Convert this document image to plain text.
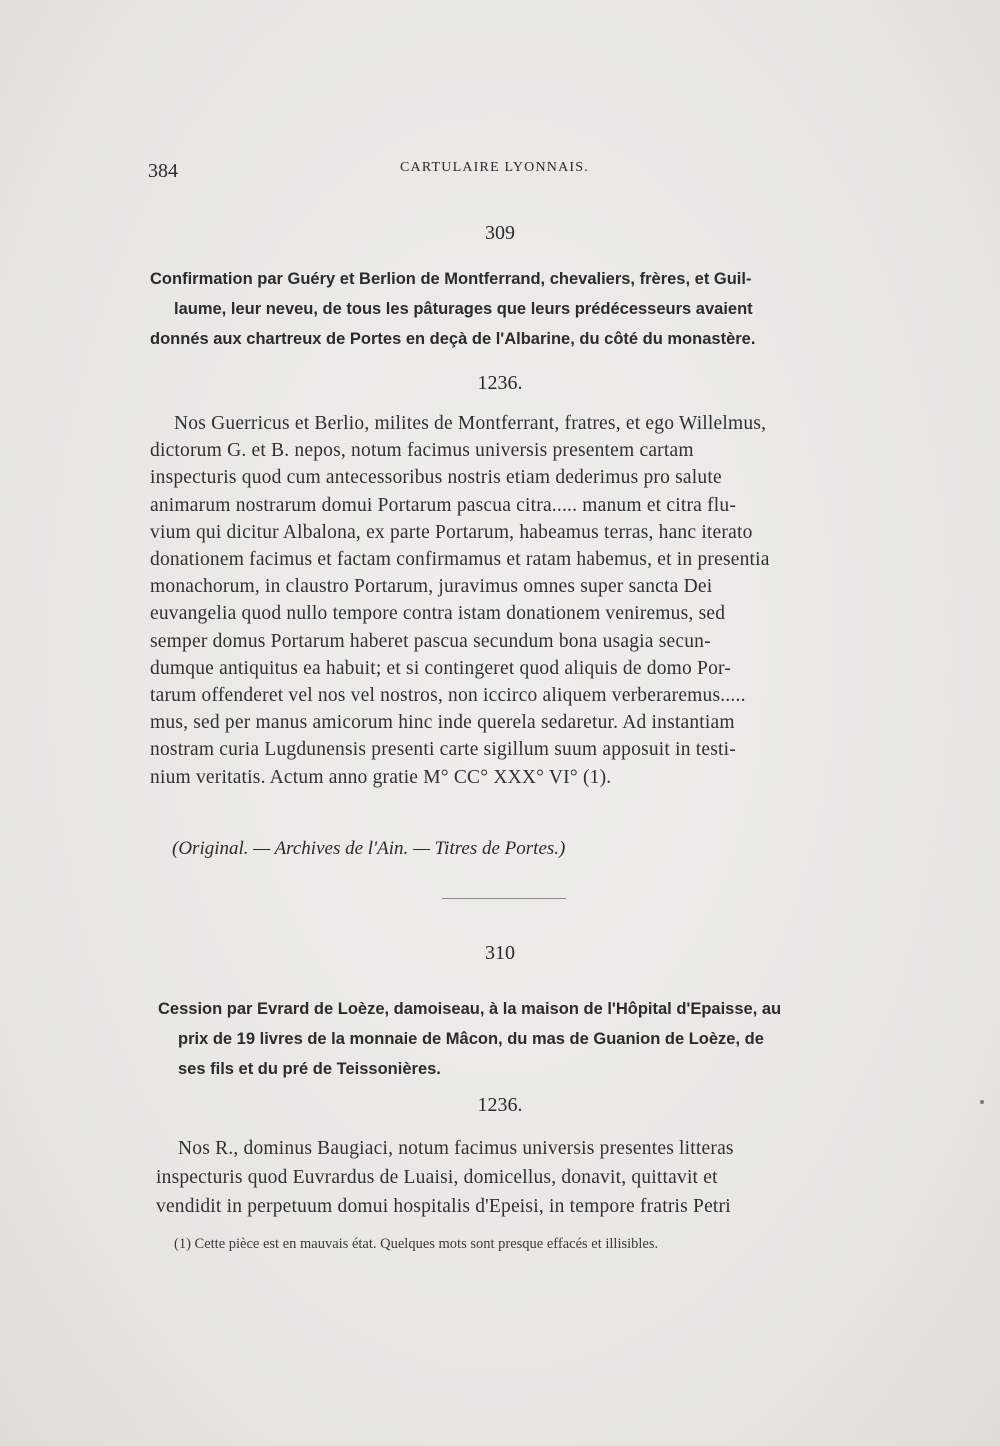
384	CARTULAIRE LYONNAIS.
309
Confirmation par Guéry et Berlion de Montferrand, chevaliers, frères, et Guil-
laume, leur neveu, de tous les pâturages que leurs prédécesseurs avaient
donnés aux chartreux de Portes en deçà de l'Albarine, du côté du monastère.
1236.
Nos Guerricus et Berlio, milites de Montferrant, fratres, et ego Willelmus,
dictorum G. et B. nepos, notum facimus universis presentem cartam
inspecturis quod cum antecessoribus nostris etiam dederimus pro salute
animarum nostrarum domui Portarum pascua citra..... manum et citra flu-
vium qui dicitur Albalona, ex parte Portarum, habeamus terras, hanc iterato
donationem facimus et factam confirmamus et ratam habemus, et in presentia
monachorum, in claustro Portarum, juravimus omnes super sancta Dei
euvangelia quod nullo tempore contra istam donationem veniremus, sed
semper domus Portarum haberet pascua secundum bona usagia secun-
dumque antiquitus ea habuit; et si contingeret quod aliquis de domo Por-
tarum offenderet vel nos vel nostros, non iccirco aliquem verberaremus.....
mus, sed per manus amicorum hinc inde querela sedaretur. Ad instantiam
nostram curia Lugdunensis presenti carte sigillum suum apposuit in testi-
nium veritatis. Actum anno gratie M° CC° XXX° VI° (1).
(Original. — Archives de l'Ain. — Titres de Portes.)
310
Cession par Evrard de Loèze, damoiseau, à la maison de l'Hôpital d'Epaisse, au
prix de 19 livres de la monnaie de Mâcon, du mas de Guanion de Loèze, de
ses fils et du pré de Teissonières.
1236.
Nos R., dominus Baugiaci, notum facimus universis presentes litteras
inspecturis quod Euvrardus de Luaisi, domicellus, donavit, quittavit et
vendidit in perpetuum domui hospitalis d'Epeisi, in tempore fratris Petri
(1) Cette pièce est en mauvais état. Quelques mots sont presque effacés et illisibles.
